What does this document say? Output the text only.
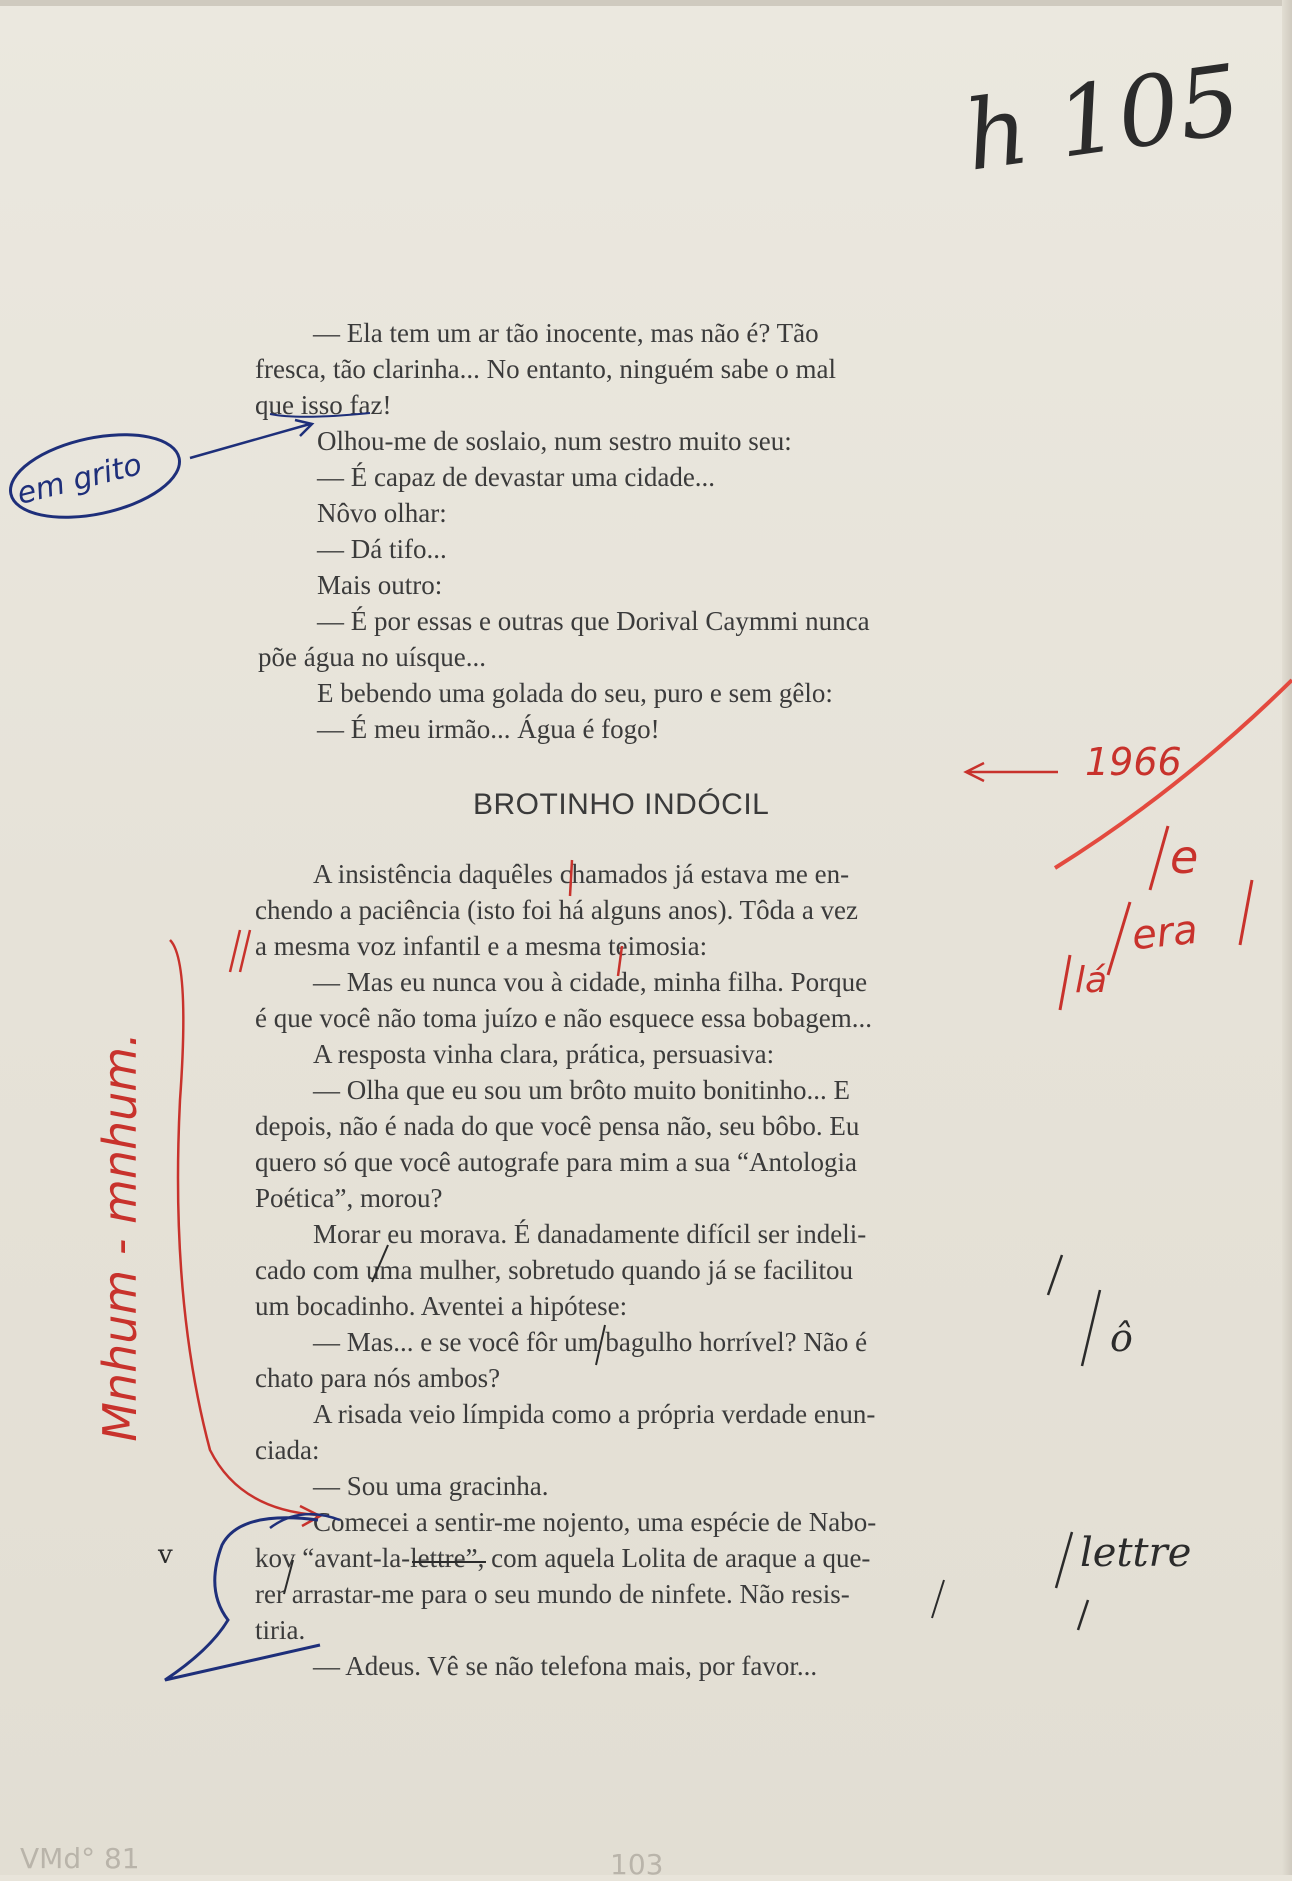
h 105

— Ela tem um ar tão inocente, mas não é? Tão

fresca, tão clarinha... No entanto, ninguém sabe o mal

que isso faz!

Olhou-me de soslaio, num sestro muito seu:

— É capaz de devastar uma cidade...

Nôvo olhar:

— Dá tifo...

Mais outro:

— É por essas e outras que Dorival Caymmi nunca

põe água no uísque...

E bebendo uma golada do seu, puro e sem gêlo:

— É meu irmão... Água é fogo!

BROTINHO INDÓCIL

A insistência daquêles chamados já estava me en-

chendo a paciência (isto foi há alguns anos). Tôda a vez

a mesma voz infantil e a mesma teimosia:

— Mas eu nunca vou à cidade, minha filha. Porque

é que você não toma juízo e não esquece essa bobagem...

A resposta vinha clara, prática, persuasiva:

— Olha que eu sou um brôto muito bonitinho... E

depois, não é nada do que você pensa não, seu bôbo. Eu

quero só que você autografe para mim a sua “Antologia

Poética”, morou?

Morar eu morava. É danadamente difícil ser indeli-

cado com uma mulher, sobretudo quando já se facilitou

um bocadinho. Aventei a hipótese:

— Mas... e se você fôr um bagulho horrível? Não é

chato para nós ambos?

A risada veio límpida como a própria verdade enun-

ciada:

— Sou uma gracinha.

Comecei a sentir-me nojento, uma espécie de Nabo-

kov “avant-la-lettre”, com aquela Lolita de araque a que-

rer arrastar-me para o seu mundo de ninfete. Não resis-

tiria.

— Adeus. Vê se não telefona mais, por favor...

em grito
1966
e
era
lá
Mnhum - mnhum.	ô
lettre
v
VMd° 81	103
